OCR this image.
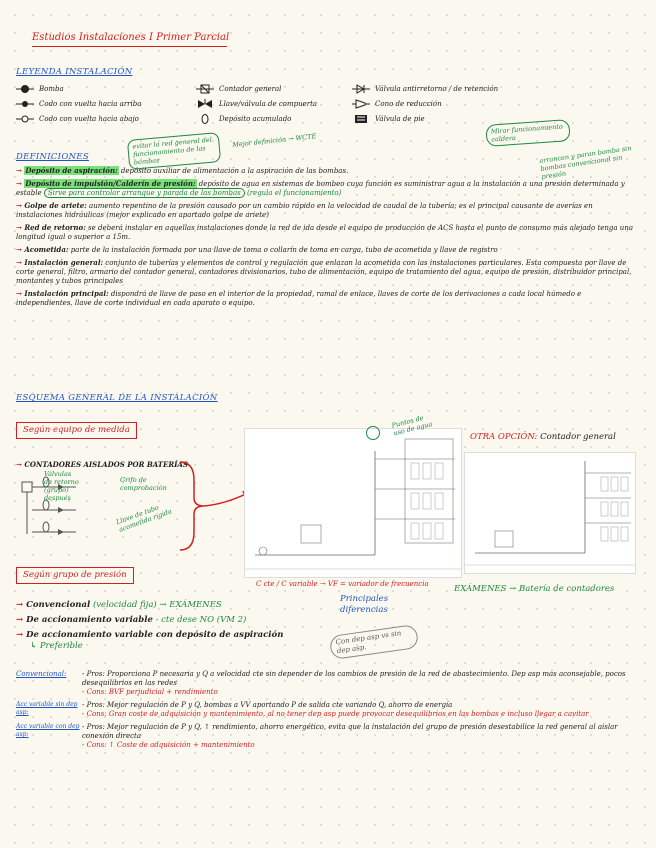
Estudios Instalaciones I Primer Parcial
LEYENDA INSTALACIÓN
Bomba
Codo con vuelta hacia arriba
Codo con vuelta hacia abajo
Contador general
Llave/válvula de compuerta
Depósito acumulado
Válvula antirretorno / de retención
Cono de reducción
Válvula de pie
DEFINICIONES
evitar la red general del funcionamiento de las bombas
Mejor definición → WCTE
Mirar funcionamiento caldera
arrancan y paran bomba sin bombas convencional sin presión
→ Depósito de aspiración: depósito auxiliar de alimentación a la aspiración de las bombas.
→ Depósito de impulsión/Calderín de presión: depósito de agua en sistemas de bombeo cuya función es suministrar agua a la instalación a una presión determinada y estable Sirve para controlar arranque y parada de las bombas (regula el funcionamiento)
→ Golpe de ariete: aumento repentino de la presión causado por un cambio rápido en la velocidad de caudal de la tubería; es el principal causante de averías en instalaciones hidráulicas (mejor explicado en apartado golpe de ariete)
→ Red de retorno: se deberá instalar en aquellas instalaciones donde la red de ida desde el equipo de producción de ACS hasta el punto de consumo más alejado tenga una longitud igual o superior a 15m.
→ Acometida: parte de la instalación formada por una llave de toma o collarín de toma en carga, tubo de acometida y llave de registro
→ Instalación general: conjunto de tuberías y elementos de control y regulación que enlazan la acometida con las instalaciones particulares. Esta compuesta por llave de corte general, filtro, armario del contador general, contadores divisionarios, tubo de alimentación, equipo de tratamiento del agua, equipo de presión, distribuidor principal, montantes y tubos principales
→ Instalación principal: dispondrá de llave de paso en el interior de la propiedad, ramal de enlace, llaves de corte de los derivaciones a cada local húmedo e independientes, llave de corte individual en cada aparato o equipo.
ESQUEMA GENERAL DE LA INSTALACIÓN
Según equipo de medida
→ CONTADORES AISLADOS POR BATERÍAS
Válvulas de retorno (grupo) después
Grifo de comprobación
Llave de tubo acometida rígida
Puntos de uso de agua	OTRA OPCIÓN: Contador general
EXÁMENES → Batería de contadores
Según grupo de presión
C cte / C variable → VF = variador de frecuencia
Principales diferencias
Con dep asp vs sin dep asp.
→ Convencional (velocidad fija) → EXÁMENES
→ De accionamiento variable - cte dese NO (VM 2)
→ De accionamiento variable con depósito de aspiración
↳ Preferible
Convencional:	- Pros: Proporciona P necesaria y Q a velocidad cte sin depender de los cambios de presión de la red de abastecimiento. Dep asp más aconsejable, pocos desequilibrios en las redes
- Cons: BVF perjudicial + rendimiento
Acc variable sin dep asp:
- Pros: Mejor regulación de P y Q, bombas a VV aportando P de salida cte variando Q, ahorro de energía
- Cons: Gran coste de adquisición y mantenimiento, al no tener dep asp puede provocar desequilibrios en las bombas e incluso llegar a cavitar
Acc variable con dep asp:
- Pros: Mejor regulación de P y Q, ↑ rendimiento, ahorro energético, evita que la instalación del grupo de presión desestabilice la red general al aislar conexión directa
- Cons: ↑ Coste de adquisición + mantenimiento
